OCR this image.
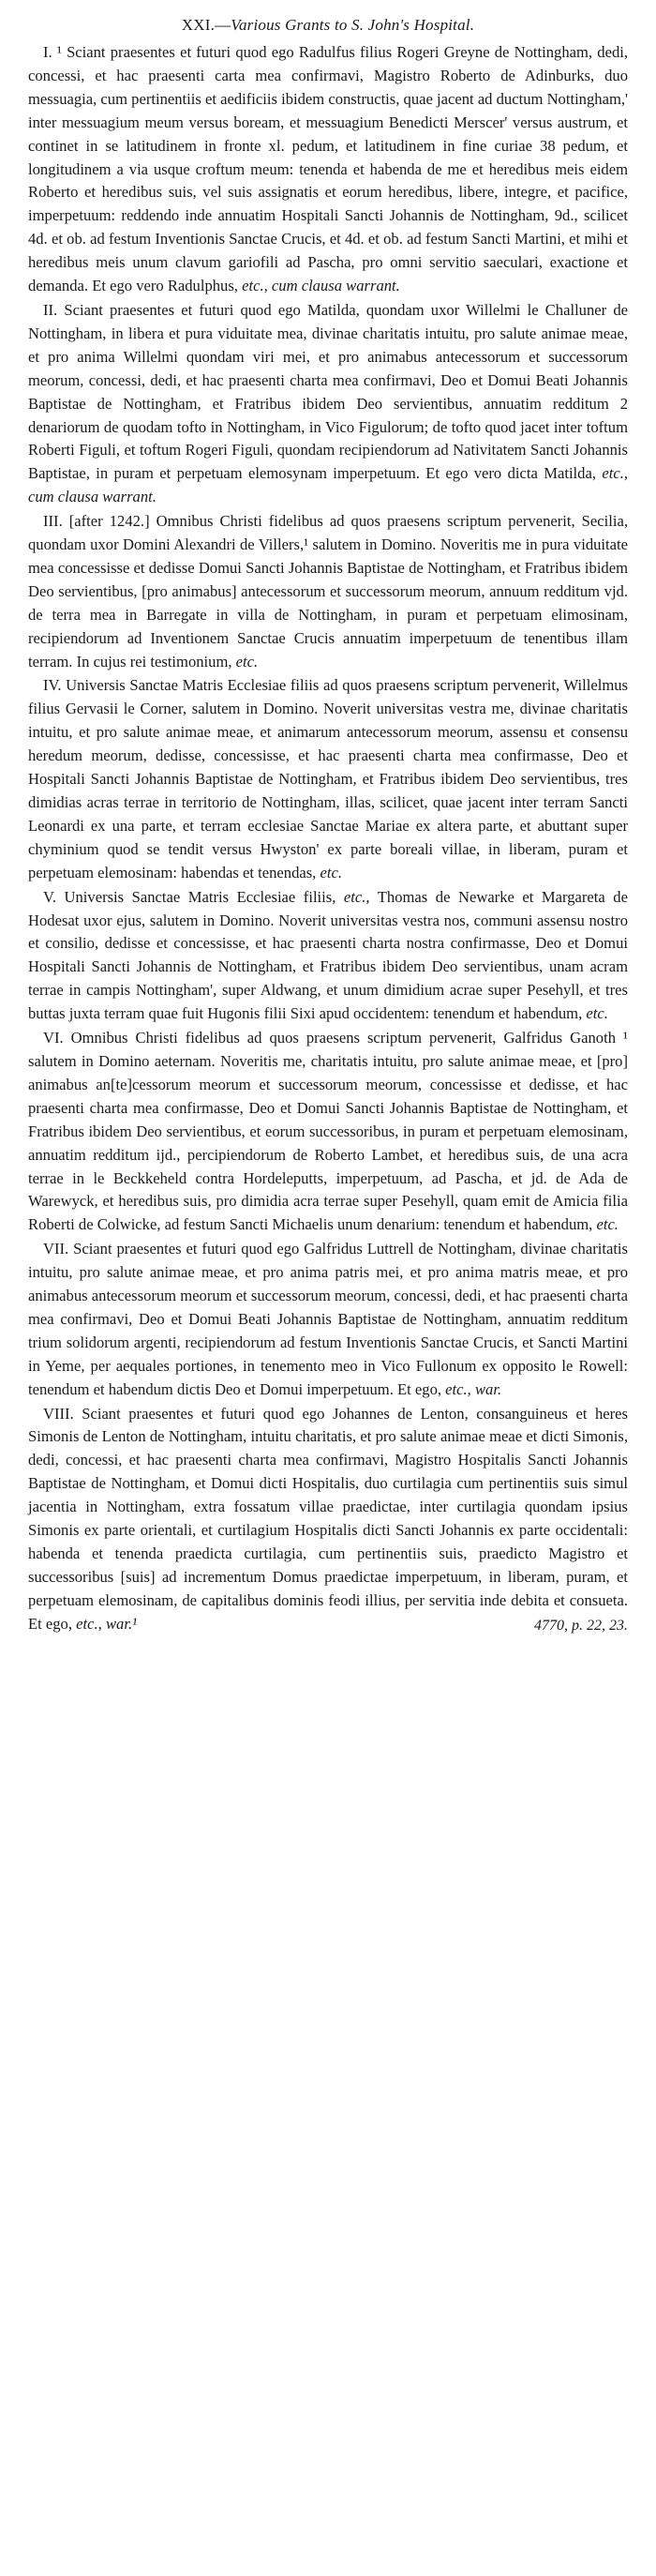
XXI.—Various Grants to S. John's Hospital.

I. ¹ Sciant praesentes et futuri quod ego Radulfus filius Rogeri Greyne de Nottingham, dedi, concessi, et hac praesenti carta mea confirmavi, Magistro Roberto de Adinburks, duo messuagia, cum pertinentiis et aedificiis ibidem constructis, quae jacent ad ductum Nottingham,' inter messuagium meum versus boream, et messuagium Benedicti Merscer' versus austrum, et continet in se latitudinem in fronte xl. pedum, et latitudinem in fine curiae 38 pedum, et longitudinem a via usque croftum meum: tenenda et habenda de me et heredibus meis eidem Roberto et heredibus suis, vel suis assignatis et eorum heredibus, libere, integre, et pacifice, imperpetuum: reddendo inde annuatim Hospitali Sancti Johannis de Nottingham, 9d., scilicet 4d. et ob. ad festum Inventionis Sanctae Crucis, et 4d. et ob. ad festum Sancti Martini, et mihi et heredibus meis unum clavum gariofili ad Pascha, pro omni servitio saeculari, exactione et demanda. Et ego vero Radulphus, etc., cum clausa warrant.

II. Sciant praesentes et futuri quod ego Matilda, quondam uxor Willelmi le Challuner de Nottingham, in libera et pura viduitate mea, divinae charitatis intuitu, pro salute animae meae, et pro anima Willelmi quondam viri mei, et pro animabus antecessorum et successorum meorum, concessi, dedi, et hac praesenti charta mea confirmavi, Deo et Domui Beati Johannis Baptistae de Nottingham, et Fratribus ibidem Deo servientibus, annuatim redditum 2 denariorum de quodam tofto in Nottingham, in Vico Figulorum; de tofto quod jacet inter toftum Roberti Figuli, et toftum Rogeri Figuli, quondam recipiendorum ad Nativitatem Sancti Johannis Baptistae, in puram et perpetuam elemosynam imperpetuum. Et ego vero dicta Matilda, etc., cum clausa warrant.

III. [after 1242.] Omnibus Christi fidelibus ad quos praesens scriptum pervenerit, Secilia, quondam uxor Domini Alexandri de Villers,¹ salutem in Domino. Noveritis me in pura viduitate mea concessisse et dedisse Domui Sancti Johannis Baptistae de Nottingham, et Fratribus ibidem Deo servientibus, [pro animabus] antecessorum et successorum meorum, annuum redditum vjd. de terra mea in Barregate in villa de Nottingham, in puram et perpetuam elimosinam, recipiendorum ad Inventionem Sanctae Crucis annuatim imperpetuum de tenentibus illam terram. In cujus rei testimonium, etc.

IV. Universis Sanctae Matris Ecclesiae filiis ad quos praesens scriptum pervenerit, Willelmus filius Gervasii le Corner, salutem in Domino. Noverit universitas vestra me, divinae charitatis intuitu, et pro salute animae meae, et animarum antecessorum meorum, assensu et consensu heredum meorum, dedisse, concessisse, et hac praesenti charta mea confirmasse, Deo et Hospitali Sancti Johannis Baptistae de Nottingham, et Fratribus ibidem Deo servientibus, tres dimidias acras terrae in territorio de Nottingham, illas, scilicet, quae jacent inter terram Sancti Leonardi ex una parte, et terram ecclesiae Sanctae Mariae ex altera parte, et abuttant super chyminium quod se tendit versus Hwyston' ex parte boreali villae, in liberam, puram et perpetuam elemosinam: habendas et tenendas, etc.

V. Universis Sanctae Matris Ecclesiae filiis, etc., Thomas de Newarke et Margareta de Hodesat uxor ejus, salutem in Domino. Noverit universitas vestra nos, communi assensu nostro et consilio, dedisse et concessisse, et hac praesenti charta nostra confirmasse, Deo et Domui Hospitali Sancti Johannis de Nottingham, et Fratribus ibidem Deo servientibus, unam acram terrae in campis Nottingham', super Aldwang, et unum dimidium acrae super Pesehyll, et tres buttas juxta terram quae fuit Hugonis filii Sixi apud occidentem: tenendum et habendum, etc.

VI. Omnibus Christi fidelibus ad quos praesens scriptum pervenerit, Galfridus Ganoth ¹ salutem in Domino aeternam. Noveritis me, charitatis intuitu, pro salute animae meae, et [pro] animabus an[te]cessorum meorum et successorum meorum, concessisse et dedisse, et hac praesenti charta mea confirmasse, Deo et Domui Sancti Johannis Baptistae de Nottingham, et Fratribus ibidem Deo servientibus, et eorum successoribus, in puram et perpetuam elemosinam, annuatim redditum ijd., percipiendorum de Roberto Lambet, et heredibus suis, de una acra terrae in le Beckkeheld contra Hordeleputts, imperpetuum, ad Pascha, et jd. de Ada de Warewyck, et heredibus suis, pro dimidia acra terrae super Pesehyll, quam emit de Amicia filia Roberti de Colwicke, ad festum Sancti Michaelis unum denarium: tenendum et habendum, etc.

VII. Sciant praesentes et futuri quod ego Galfridus Luttrell de Nottingham, divinae charitatis intuitu, pro salute animae meae, et pro anima patris mei, et pro anima matris meae, et pro animabus antecessorum meorum et successorum meorum, concessi, dedi, et hac praesenti charta mea confirmavi, Deo et Domui Beati Johannis Baptistae de Nottingham, annuatim redditum trium solidorum argenti, recipiendorum ad festum Inventionis Sanctae Crucis, et Sancti Martini in Yeme, per aequales portiones, in tenemento meo in Vico Fullonum ex opposito le Rowell: tenendum et habendum dictis Deo et Domui imperpetuum. Et ego, etc., war.

VIII. Sciant praesentes et futuri quod ego Johannes de Lenton, consanguineus et heres Simonis de Lenton de Nottingham, intuitu charitatis, et pro salute animae meae et dicti Simonis, dedi, concessi, et hac praesenti charta mea confirmavi, Magistro Hospitalis Sancti Johannis Baptistae de Nottingham, et Domui dicti Hospitalis, duo curtilagia cum pertinentiis suis simul jacentia in Nottingham, extra fossatum villae praedictae, inter curtilagia quondam ipsius Simonis ex parte orientali, et curtilagium Hospitalis dicti Sancti Johannis ex parte occidentali: habenda et tenenda praedicta curtilagia, cum pertinentiis suis, praedicto Magistro et successoribus [suis] ad incrementum Domus praedictae imperpetuum, in liberam, puram, et perpetuam elemosinam, de capitalibus dominis feodi illius, per servitia inde debita et consueta. Et ego, etc., war.¹	4770, p. 22, 23.
